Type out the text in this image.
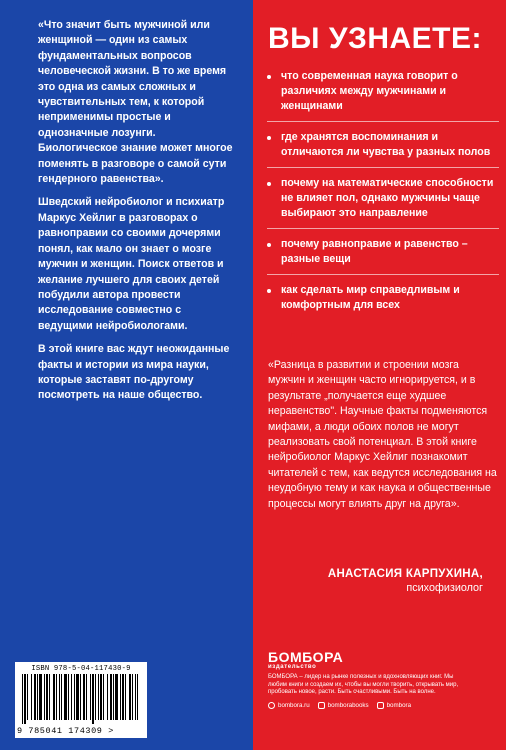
«Что значит быть мужчиной или женщиной — один из самых фундаментальных вопросов человеческой жизни. В то же время это одна из самых сложных и чувствительных тем, к которой неприменимы простые и однозначные лозунги. Биологическое знание может многое поменять в разговоре о самой сути гендерного равенства».

Шведский нейробиолог и психиатр Маркус Хейлиг в разговорах о равноправии со своими дочерями понял, как мало он знает о мозге мужчин и женщин. Поиск ответов и желание лучшего для своих детей побудили автора провести исследование совместно с ведущими нейробиологами.

В этой книге вас ждут неожиданные факты и истории из мира науки, которые заставят по-другому посмотреть на наше общество.

ISBN 978-5-04-117430-9
9 785041 174309 >
ВЫ УЗНАЕТЕ:
что современная наука говорит о различиях между мужчинами и женщинами
где хранятся воспоминания и отличаются ли чувства у разных полов
почему на математические способности не влияет пол, однако мужчины чаще выбирают это направление
почему равноправие и равенство – разные вещи
как сделать мир справедливым и комфортным для всех
«Разница в развитии и строении мозга мужчин и женщин часто игнорируется, и в результате „получается еще худшее неравенство". Научные факты подменяются мифами, а люди обоих полов не могут реализовать свой потенциал. В этой книге нейробиолог Маркус Хейлиг познакомит читателей с тем, как ведутся исследования на неудобную тему и как наука и общественные процессы могут влиять друг на друга».
АНАСТАСИЯ КАРПУХИНА,
психофизиолог
БОМБОРА
издательство
БОМБОРА – лидер на рынке полезных и вдохновляющих книг. Мы любим книги и создаем их, чтобы вы могли творить, открывать мир, пробовать новое, расти. Быть счастливыми. Быть на волне.
bombora.ru	bomborabooks	bombora
